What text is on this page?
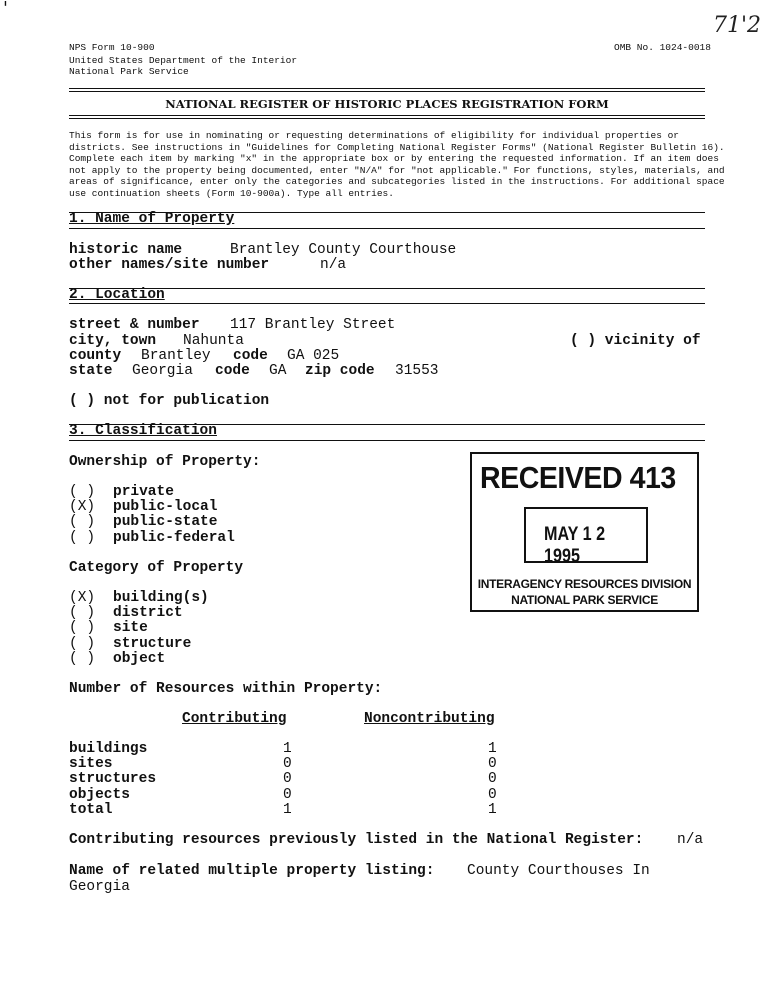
'
71'2
NPS Form 10-900	OMB No. 1024-0018
United States Department of the Interior
National Park Service
NATIONAL REGISTER OF HISTORIC PLACES REGISTRATION FORM
This form is for use in nominating or requesting determinations of eligibility for individual properties or
districts. See instructions in "Guidelines for Completing National Register Forms" (National Register Bulletin 16).
Complete each item by marking "x" in the appropriate box or by entering the requested information. If an item does
not apply to the property being documented, enter "N/A" for "not applicable." For functions, styles, materials, and
areas of significance, enter only the categories and subcategories listed in the instructions. For additional space
use continuation sheets (Form 10-900a). Type all entries.
1. Name of Property
historic name	Brantley County Courthouse
other names/site number	n/a
2. Location
street & number 117 Brantley Street
city, town Nahunta	( ) vicinity of
county Brantley code GA 025
state Georgia code GA zip code 31553
( ) not for publication
3. Classification
Ownership of Property:
( ) private
(X) public-local
( ) public-state
( ) public-federal
Category of Property
(X) building(s)
( ) district
( ) site
( ) structure
( ) object
Number of Resources within Property:
Contributing	Noncontributing
buildings	1	1
sites	0	0
structures	0	0
objects	0	0
total	1	1
Contributing resources previously listed in the National Register: n/a
Name of related multiple property listing: County Courthouses In
Georgia
RECEIVED 413
MAY 1 2 1995
INTERAGENCY RESOURCES DIVISION
NATIONAL PARK SERVICE
